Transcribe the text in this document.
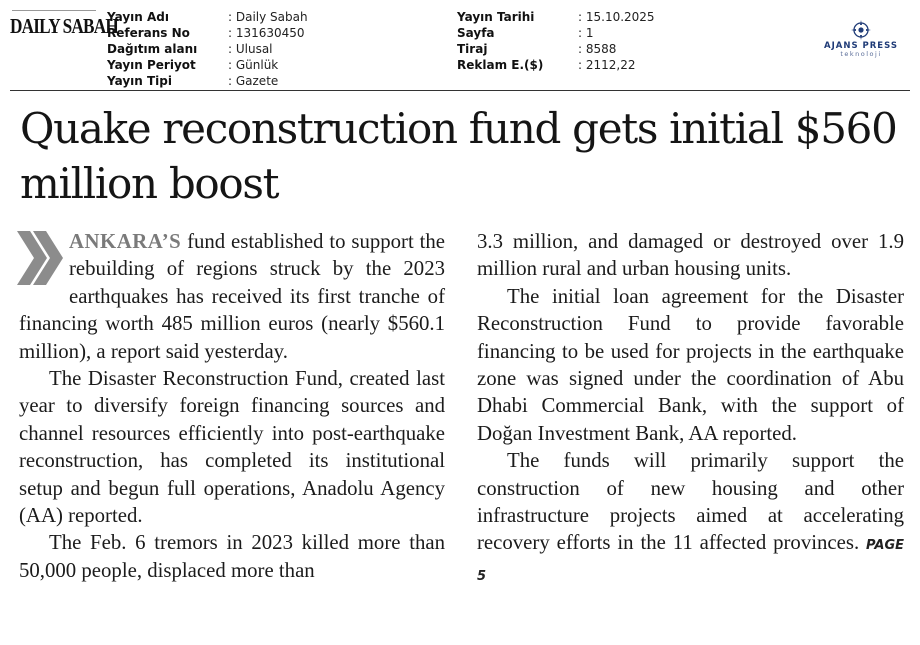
DAILY SABAH
Yayın Adı	: Daily Sabah
Referans No	: 131630450
Dağıtım alanı	: Ulusal
Yayın Periyot	: Günlük
Yayın Tipi	: Gazete
Yayın Tarihi	: 15.10.2025
Sayfa	: 1
Tiraj	: 8588
Reklam E.($)	: 2112,22
AJANS PRESS
teknoloji
Quake reconstruction fund gets initial $560 million boost

ANKARA’S fund established to support the rebuilding of regions struck by the 2023 earthquakes has received its first tranche of financing worth 485 million euros (nearly $560.1 million), a report said yesterday.

The Disaster Reconstruction Fund, created last year to diversify foreign financing sources and channel resources efficiently into post-earthquake reconstruction, has completed its institutional setup and begun full operations, Anadolu Agency (AA) reported.

The Feb. 6 tremors in 2023 killed more than 50,000 people, displaced more than

3.3 million, and damaged or destroyed over 1.9 million rural and urban housing units.

The initial loan agreement for the Disaster Reconstruction Fund to provide favorable financing to be used for projects in the earthquake zone was signed under the coordination of Abu Dhabi Commercial Bank, with the support of Doğan Investment Bank, AA reported.

The funds will primarily support the construction of new housing and other infrastructure projects aimed at accelerating recovery efforts in the 11 affected provinces. PAGE 5
